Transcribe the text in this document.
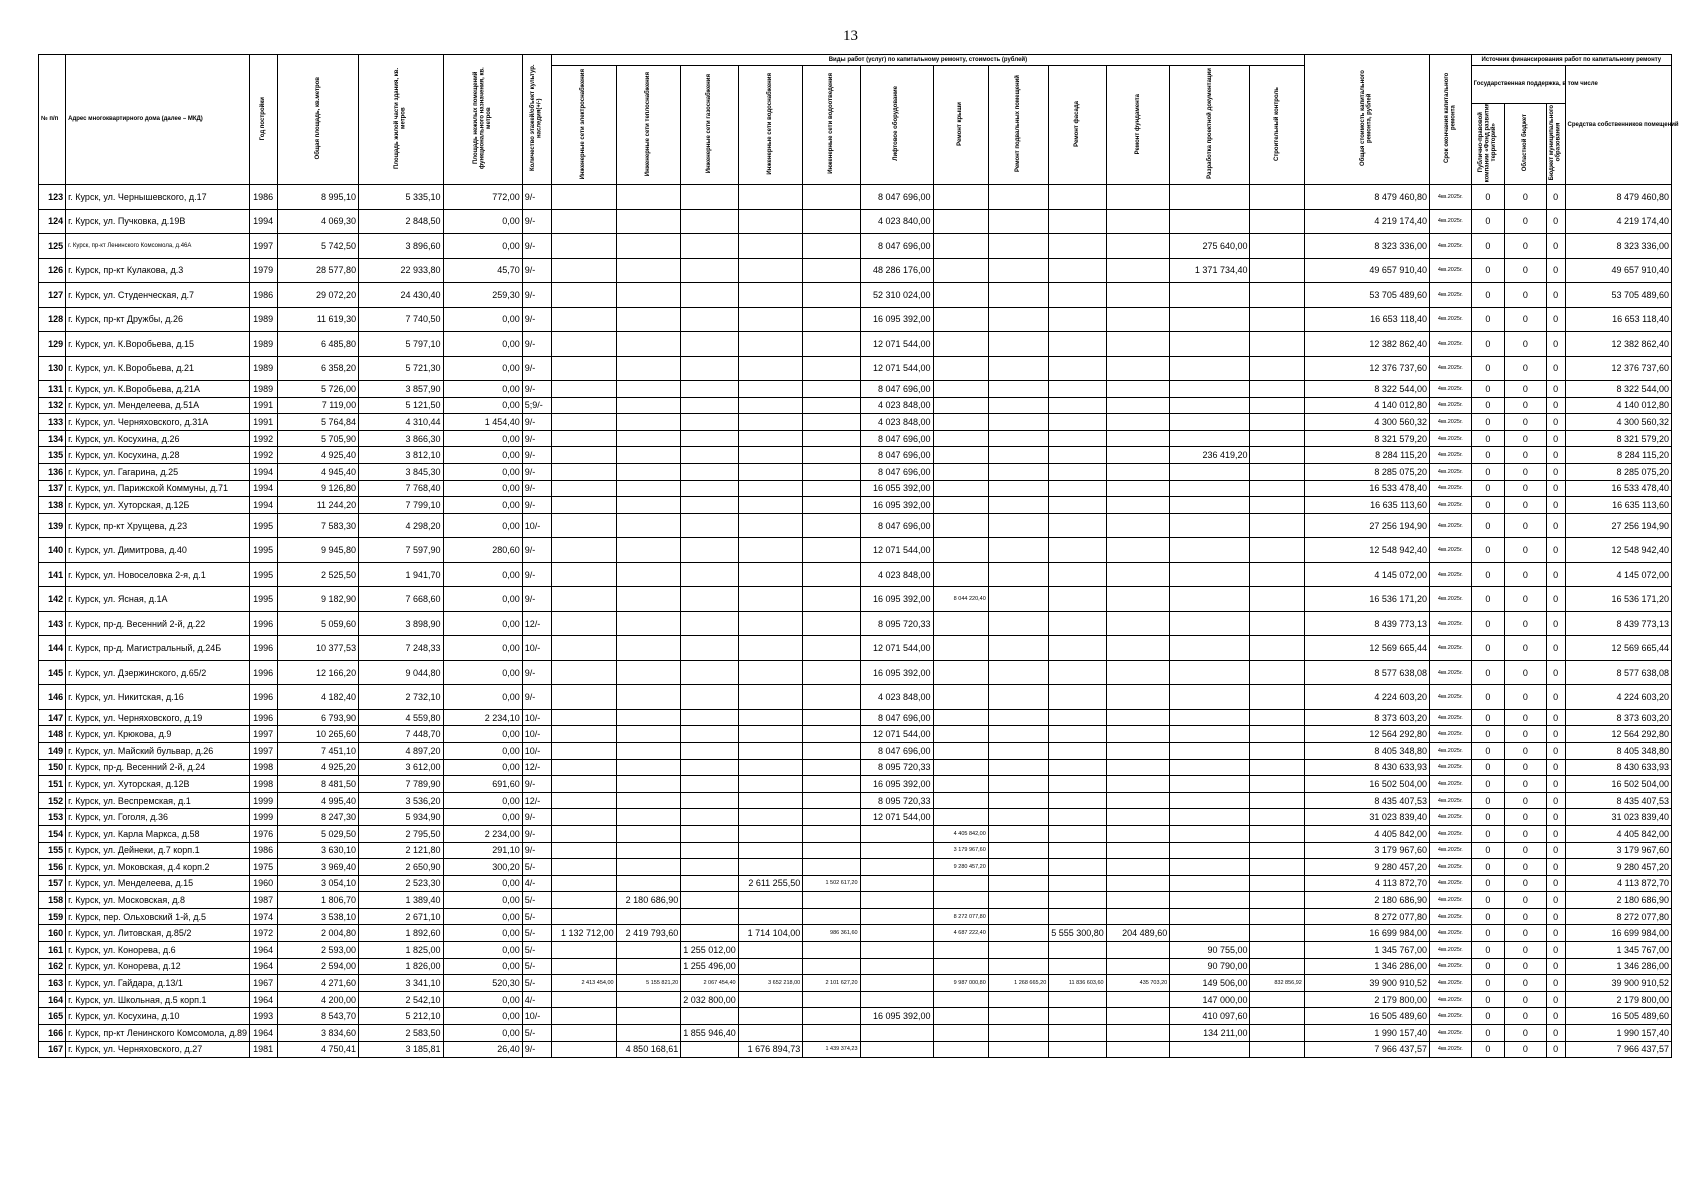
13
№ п/п	Адрес многоквартирного дома (далее – МКД)	Год постройки	Общая площадь, кв.метров	Площадь жилой части здания, кв. метров	Площадь нежилых помещений функционального назначения, кв. метров	Количество этажей/объект культур. наследия(+/-)	Виды работ (услуг) по капитальному ремонту, стоимость (рублей)												Общая стоимость капитального ремонта, рублей	Срок окончания капитального ремонта	Источник финансирования работ по капитальному ремонту			
							Инженерные сети электроснабжения	Инженерные сети теплоснабжения	Инженерные сети газоснабжения	Инженерные сети водоснабжения	Инженерные сети водоотведения	Лифтовое оборудование	Ремонт крыши	Ремонт подвальных помещений	Ремонт фасада	Ремонт фундамента	Разработка проектной документации	Строительный контроль			Государственная поддержка, в том числе			Средства собственников помещений
																					Публично-правовой компании «Фонд развития территорий»	Областной бюджет	Бюджет муниципального образования	
123	г. Курск, ул. Чернышевского, д.17	1986	8 995,10	5 335,10	772,00	9/-						8 047 696,00							8 479 460,80	4кв.2025г.	0	0	0	8 479 460,80
124	г. Курск, ул. Пучковка, д.19В	1994	4 069,30	2 848,50	0,00	9/-						4 023 840,00							4 219 174,40	4кв.2025г.	0	0	0	4 219 174,40
125	г. Курск, пр-кт Ленинского Комсомола, д.46А	1997	5 742,50	3 896,60	0,00	9/-						8 047 696,00					275 640,00		8 323 336,00	4кв.2025г.	0	0	0	8 323 336,00
126	г. Курск, пр-кт Кулакова, д.3	1979	28 577,80	22 933,80	45,70	9/-						48 286 176,00					1 371 734,40		49 657 910,40	4кв.2025г.	0	0	0	49 657 910,40
127	г. Курск, ул. Студенческая, д.7	1986	29 072,20	24 430,40	259,30	9/-						52 310 024,00							53 705 489,60	4кв.2025г.	0	0	0	53 705 489,60
128	г. Курск, пр-кт Дружбы, д.26	1989	11 619,30	7 740,50	0,00	9/-						16 095 392,00							16 653 118,40	4кв.2025г.	0	0	0	16 653 118,40
129	г. Курск, ул. К.Воробьева, д.15	1989	6 485,80	5 797,10	0,00	9/-						12 071 544,00							12 382 862,40	4кв.2025г.	0	0	0	12 382 862,40
130	г. Курск, ул. К.Воробьева, д.21	1989	6 358,20	5 721,30	0,00	9/-						12 071 544,00							12 376 737,60	4кв.2025г.	0	0	0	12 376 737,60
131	г. Курск, ул. К.Воробьева, д.21А	1989	5 726,00	3 857,90	0,00	9/-						8 047 696,00							8 322 544,00	4кв.2025г.	0	0	0	8 322 544,00
132	г. Курск, ул. Менделеева, д.51А	1991	7 119,00	5 121,50	0,00	5;9/-						4 023 848,00							4 140 012,80	4кв.2025г.	0	0	0	4 140 012,80
133	г. Курск, ул. Черняховского, д.31А	1991	5 764,84	4 310,44	1 454,40	9/-						4 023 848,00							4 300 560,32	4кв.2025г.	0	0	0	4 300 560,32
134	г. Курск, ул. Косухина, д.26	1992	5 705,90	3 866,30	0,00	9/-						8 047 696,00							8 321 579,20	4кв.2025г.	0	0	0	8 321 579,20
135	г. Курск, ул. Косухина, д.28	1992	4 925,40	3 812,10	0,00	9/-						8 047 696,00					236 419,20		8 284 115,20	4кв.2025г.	0	0	0	8 284 115,20
136	г. Курск, ул. Гагарина, д.25	1994	4 945,40	3 845,30	0,00	9/-						8 047 696,00							8 285 075,20	4кв.2025г.	0	0	0	8 285 075,20
137	г. Курск, ул. Парижской Коммуны, д.71	1994	9 126,80	7 768,40	0,00	9/-						16 055 392,00							16 533 478,40	4кв.2025г.	0	0	0	16 533 478,40
138	г. Курск, ул. Хуторская, д.12Б	1994	11 244,20	7 799,10	0,00	9/-						16 095 392,00							16 635 113,60	4кв.2025г.	0	0	0	16 635 113,60
139	г. Курск, пр-кт Хрущева, д.23	1995	7 583,30	4 298,20	0,00	10/-						8 047 696,00							27 256 194,90	4кв.2025г.	0	0	0	27 256 194,90
140	г. Курск, ул. Димитрова, д.40	1995	9 945,80	7 597,90	280,60	9/-						12 071 544,00							12 548 942,40	4кв.2025г.	0	0	0	12 548 942,40
141	г. Курск, ул. Новоселовка 2-я, д.1	1995	2 525,50	1 941,70	0,00	9/-						4 023 848,00							4 145 072,00	4кв.2025г.	0	0	0	4 145 072,00
142	г. Курск, ул. Ясная, д.1А	1995	9 182,90	7 668,60	0,00	9/-						16 095 392,00	8 044 220,40						16 536 171,20	4кв.2025г.	0	0	0	16 536 171,20
143	г. Курск, пр-д. Весенний 2-й, д.22	1996	5 059,60	3 898,90	0,00	12/-						8 095 720,33							8 439 773,13	4кв.2025г.	0	0	0	8 439 773,13
144	г. Курск, пр-д. Магистральный, д.24Б	1996	10 377,53	7 248,33	0,00	10/-						12 071 544,00							12 569 665,44	4кв.2025г.	0	0	0	12 569 665,44
145	г. Курск, ул. Дзержинского, д.65/2	1996	12 166,20	9 044,80	0,00	9/-						16 095 392,00							8 577 638,08	4кв.2025г.	0	0	0	8 577 638,08
146	г. Курск, ул. Никитская, д.16	1996	4 182,40	2 732,10	0,00	9/-						4 023 848,00							4 224 603,20	4кв.2025г.	0	0	0	4 224 603,20
147	г. Курск, ул. Черняховского, д.19	1996	6 793,90	4 559,80	2 234,10	10/-						8 047 696,00							8 373 603,20	4кв.2025г.	0	0	0	8 373 603,20
148	г. Курск, ул. Крюкова, д.9	1997	10 265,60	7 448,70	0,00	10/-						12 071 544,00							12 564 292,80	4кв.2025г.	0	0	0	12 564 292,80
149	г. Курск, ул. Майский бульвар, д.26	1997	7 451,10	4 897,20	0,00	10/-						8 047 696,00							8 405 348,80	4кв.2025г.	0	0	0	8 405 348,80
150	г. Курск, пр-д. Весенний 2-й, д.24	1998	4 925,20	3 612,00	0,00	12/-						8 095 720,33							8 430 633,93	4кв.2025г.	0	0	0	8 430 633,93
151	г. Курск, ул. Хуторская, д.12В	1998	8 481,50	7 789,90	691,60	9/-						16 095 392,00							16 502 504,00	4кв.2025г.	0	0	0	16 502 504,00
152	г. Курск, ул. Веспремская, д.1	1999	4 995,40	3 536,20	0,00	12/-						8 095 720,33							8 435 407,53	4кв.2025г.	0	0	0	8 435 407,53
153	г. Курск, ул. Гоголя, д.36	1999	8 247,30	5 934,90	0,00	9/-						12 071 544,00							31 023 839,40	4кв.2025г.	0	0	0	31 023 839,40
154	г. Курск, ул. Карла Маркса, д.58	1976	5 029,50	2 795,50	2 234,00	9/-							4 405 842,00						4 405 842,00	4кв.2025г.	0	0	0	4 405 842,00
155	г. Курск, ул. Дейнеки, д.7 корп.1	1986	3 630,10	2 121,80	291,10	9/-							3 179 967,60						3 179 967,60	4кв.2025г.	0	0	0	3 179 967,60
156	г. Курск, ул. Моковская, д.4 корп.2	1975	3 969,40	2 650,90	300,20	5/-							9 280 457,20						9 280 457,20	4кв.2025г.	0	0	0	9 280 457,20
157	г. Курск, ул. Менделеева, д.15	1960	3 054,10	2 523,30	0,00	4/-				2 611 255,50	1 502 617,20								4 113 872,70	4кв.2025г.	0	0	0	4 113 872,70
158	г. Курск, ул. Московская, д.8	1987	1 806,70	1 389,40	0,00	5/-		2 180 686,90											2 180 686,90	4кв.2025г.	0	0	0	2 180 686,90
159	г. Курск, пер. Ольховский 1-й, д.5	1974	3 538,10	2 671,10	0,00	5/-							8 272 077,80						8 272 077,80	4кв.2025г.	0	0	0	8 272 077,80
160	г. Курск, ул. Литовская, д.85/2	1972	2 004,80	1 892,60	0,00	5/-	1 132 712,00	2 419 793,60		1 714 104,00	986 361,60		4 687 222,40		5 555 300,80	204 489,60			16 699 984,00	4кв.2025г.	0	0	0	16 699 984,00
161	г. Курск, ул. Конорева, д.6	1964	2 593,00	1 825,00	0,00	5/-			1 255 012,00								90 755,00		1 345 767,00	4кв.2025г.	0	0	0	1 345 767,00
162	г. Курск, ул. Конорева, д.12	1964	2 594,00	1 826,00	0,00	5/-			1 255 496,00								90 790,00		1 346 286,00	4кв.2025г.	0	0	0	1 346 286,00
163	г. Курск, ул. Гайдара, д.13/1	1967	4 271,60	3 341,10	520,30	5/-	2 413 454,00	5 155 821,20	2 067 454,40	3 652 218,00	2 101 627,20		9 987 000,80	1 268 665,20	11 836 603,60	435 703,20	149 506,00	832 856,92	39 900 910,52	4кв.2025г.	0	0	0	39 900 910,52
164	г. Курск, ул. Школьная, д.5 корп.1	1964	4 200,00	2 542,10	0,00	4/-			2 032 800,00								147 000,00		2 179 800,00	4кв.2025г.	0	0	0	2 179 800,00
165	г. Курск, ул. Косухина, д.10	1993	8 543,70	5 212,10	0,00	10/-						16 095 392,00					410 097,60		16 505 489,60	4кв.2025г.	0	0	0	16 505 489,60
166	г. Курск, пр-кт Ленинского Комсомола, д.89	1964	3 834,60	2 583,50	0,00	5/-			1 855 946,40								134 211,00		1 990 157,40	4кв.2025г.	0	0	0	1 990 157,40
167	г. Курск, ул. Черняховского, д.27	1981	4 750,41	3 185,81	26,40	9/-		4 850 168,61		1 676 894,73	1 439 374,23								7 966 437,57	4кв.2025г.	0	0	0	7 966 437,57
